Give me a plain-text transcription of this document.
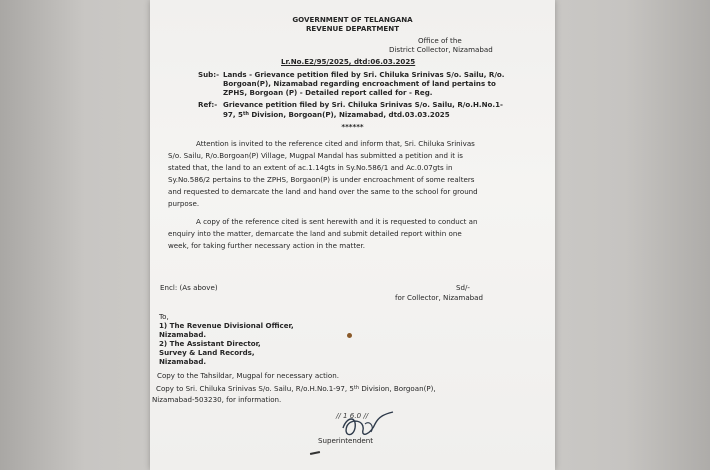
GOVERNMENT OF TELANGANA
REVENUE DEPARTMENT
Office of the
District Collector, Nizamabad
Lr.No.E2/95/2025, dtd:06.03.2025
Sub:- Lands - Grievance petition filed by Sri. Chiluka Srinivas S/o. Sailu, R/o.
Borgoan(P), Nizamabad regarding encroachment of land pertains to
ZPHS, Borgoan (P) - Detailed report called for - Reg.
Ref:- Grievance petition filed by Sri. Chiluka Srinivas S/o. Sailu, R/o.H.No.1-
97, 5th Division, Borgoan(P), Nizamabad, dtd.03.03.2025
******
Attention is invited to the reference cited and inform that, Sri. Chiluka Srinivas
S/o. Sailu, R/o.Borgoan(P) Village, Mugpal Mandal has submitted a petition and it is
stated that, the land to an extent of ac.1.14gts in Sy.No.586/1 and Ac.0.07gts in
Sy.No.586/2 pertains to the ZPHS, Borgaon(P) is under encroachment of some realters
and requested to demarcate the land and hand over the same to the school for ground
purpose.
A copy of the reference cited is sent herewith and it is requested to conduct an
enquiry into the matter, demarcate the land and submit detailed report within one
week, for taking further necessary action in the matter.
Encl: (As above)	Sd/-
for Collector, Nizamabad
To,
1) The Revenue Divisional Officer,
Nizamabad.
2) The Assistant Director,
Survey & Land Records,
Nizamabad.
Copy to the Tahsildar, Mugpal for necessary action.
Copy to Sri. Chiluka Srinivas S/o. Sailu, R/o.H.No.1-97, 5th Division, Borgoan(P),
Nizamabad-503230, for information.
// 1 6.0 //
Superintendent
